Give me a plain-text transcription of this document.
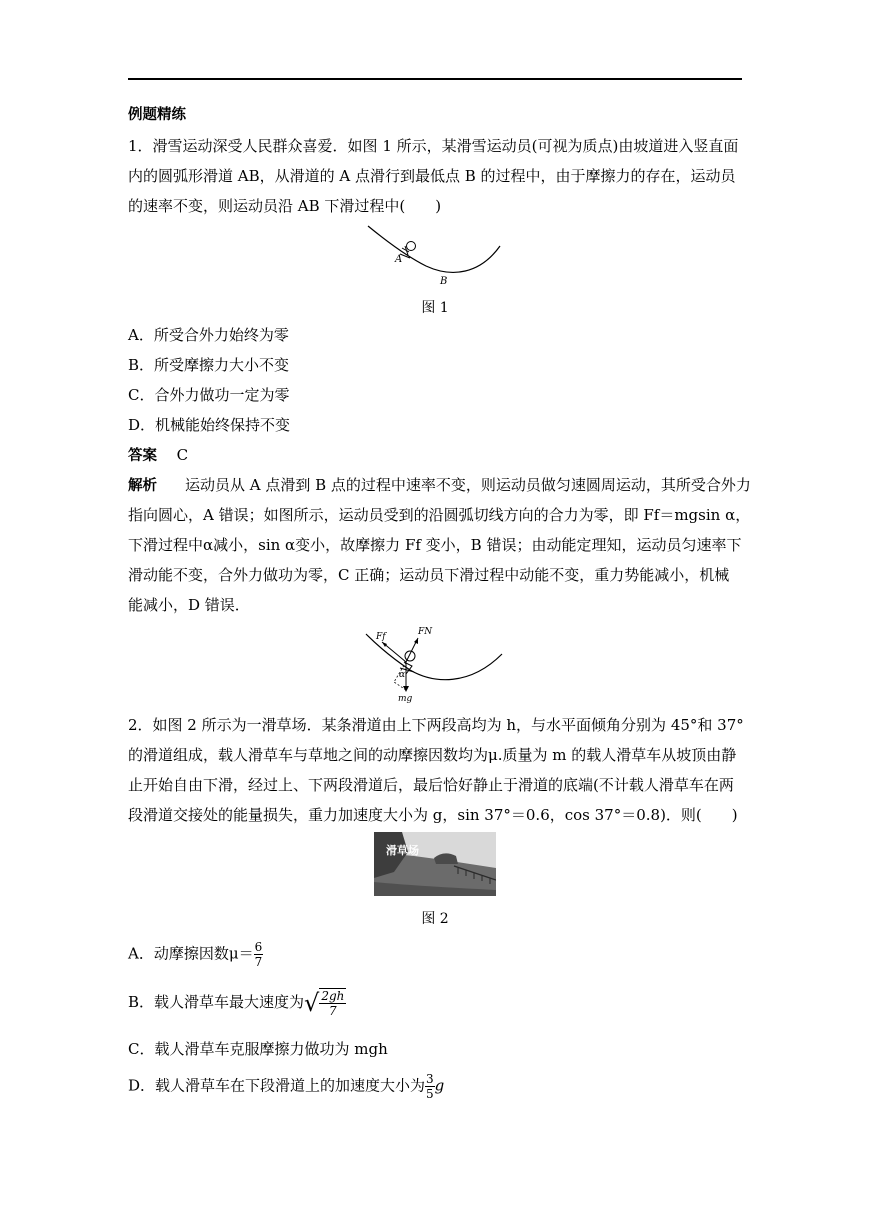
例题精练
1．滑雪运动深受人民群众喜爱．如图 1 所示，某滑雪运动员(可视为质点)由坡道进入竖直面
内的圆弧形滑道 AB，从滑道的 A 点滑行到最低点 B 的过程中，由于摩擦力的存在，运动员
的速率不变，则运动员沿 AB 下滑过程中(　　)
A
B
图 1
A．所受合外力始终为零
B．所受摩擦力大小不变
C．合外力做功一定为零
D．机械能始终保持不变
答案 C
解析 运动员从 A 点滑到 B 点的过程中速率不变，则运动员做匀速圆周运动，其所受合外力
指向圆心，A 错误；如图所示，运动员受到的沿圆弧切线方向的合力为零，即 Ff＝mgsin α，
下滑过程中α减小，sin α变小，故摩擦力 Ff 变小，B 错误；由动能定理知，运动员匀速率下
滑动能不变，合外力做功为零，C 正确；运动员下滑过程中动能不变，重力势能减小，机械
能减小，D 错误．
Ff	FN
mg
α
2．如图 2 所示为一滑草场．某条滑道由上下两段高均为 h，与水平面倾角分别为 45°和 37°
的滑道组成，载人滑草车与草地之间的动摩擦因数均为μ.质量为 m 的载人滑草车从坡顶由静
止开始自由下滑，经过上、下两段滑道后，最后恰好静止于滑道的底端(不计载人滑草车在两
段滑道交接处的能量损失，重力加速度大小为 g，sin 37°＝0.6，cos 37°＝0.8)．则(　　)
滑草场
图 2
A．动摩擦因数$\mu= \frac{6}{7}$
B．载人滑草车最大速度为√ $\frac{2gh}{7}$
C．载人滑草车克服摩擦力做功为 mgh
D．载人滑草车在下段滑道上的加速度大小为 $\frac{3}{5}$ g
